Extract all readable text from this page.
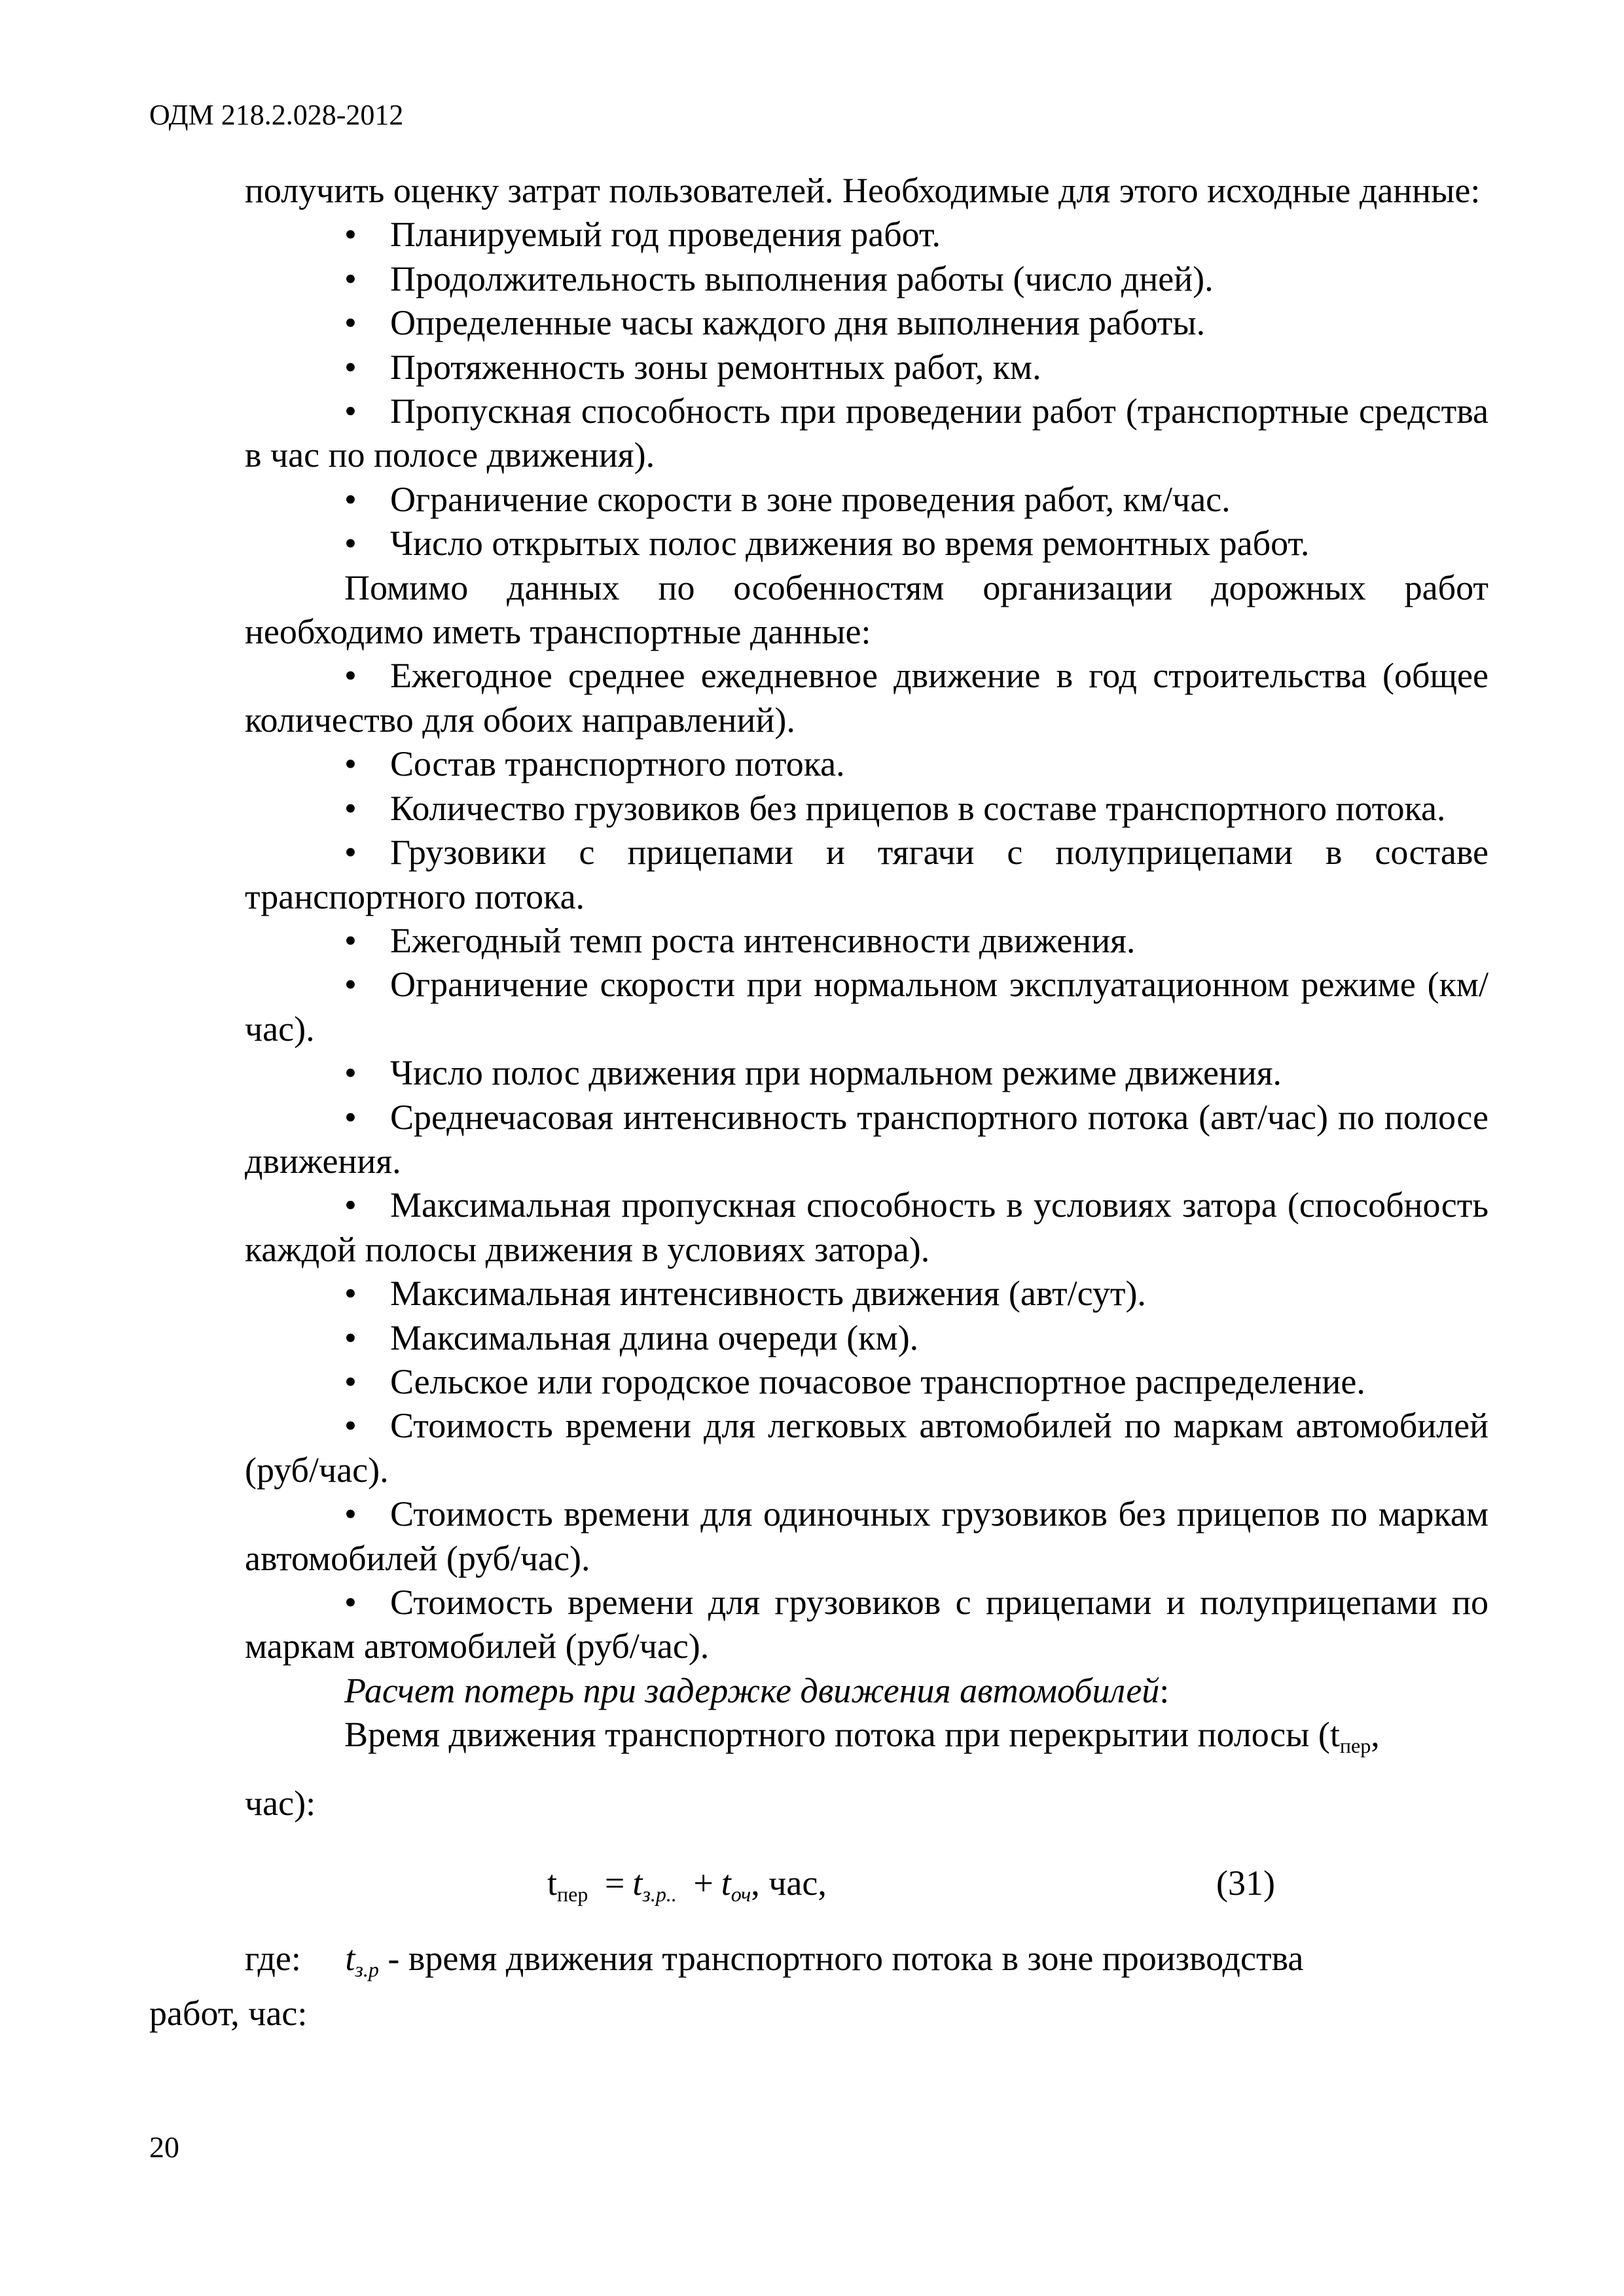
ОДМ 218.2.028-2012
получить оценку затрат пользователей. Необходимые для этого исходные данные:
• Планируемый год проведения работ.
• Продолжительность выполнения работы (число дней).
• Определенные часы каждого дня выполнения работы.
• Протяженность зоны ремонтных работ, км.
• Пропускная способность при проведении работ (транспортные средства в час по полосе движения).
• Ограничение скорости в зоне проведения работ, км/час.
• Число открытых полос движения во время ремонтных работ.
Помимо данных по особенностям организации дорожных работ необходимо иметь транспортные данные:
• Ежегодное среднее ежедневное движение в год строительства (общее количество для обоих направлений).
• Состав транспортного потока.
• Количество грузовиков без прицепов в составе транспортного потока.
• Грузовики с прицепами и тягачи с полуприцепами в составе транспортного потока.
• Ежегодный темп роста интенсивности движения.
• Ограничение скорости при нормальном эксплуатационном режиме (км/час).
• Число полос движения при нормальном режиме движения.
• Среднечасовая интенсивность транспортного потока (авт/час) по полосе движения.
• Максимальная пропускная способность в условиях затора (способность каждой полосы движения в условиях затора).
• Максимальная интенсивность движения (авт/сут).
• Максимальная длина очереди (км).
• Сельское или городское почасовое транспортное распределение.
• Стоимость времени для легковых автомобилей по маркам автомобилей (руб/час).
• Стоимость времени для одиночных грузовиков без прицепов по маркам автомобилей (руб/час).
• Стоимость времени для грузовиков с прицепами и полуприцепами по маркам автомобилей (руб/час).
Расчет потерь при задержке движения автомобилей:
Время движения транспортного потока при перекрытии полосы ($t_{пер}$,
час):
$t_{пер} = t_{з.р..} + t_{оч}$, час,	(31)
где: $t_{з.р}$ - время движения транспортного потока в зоне производства
работ, час:
20
